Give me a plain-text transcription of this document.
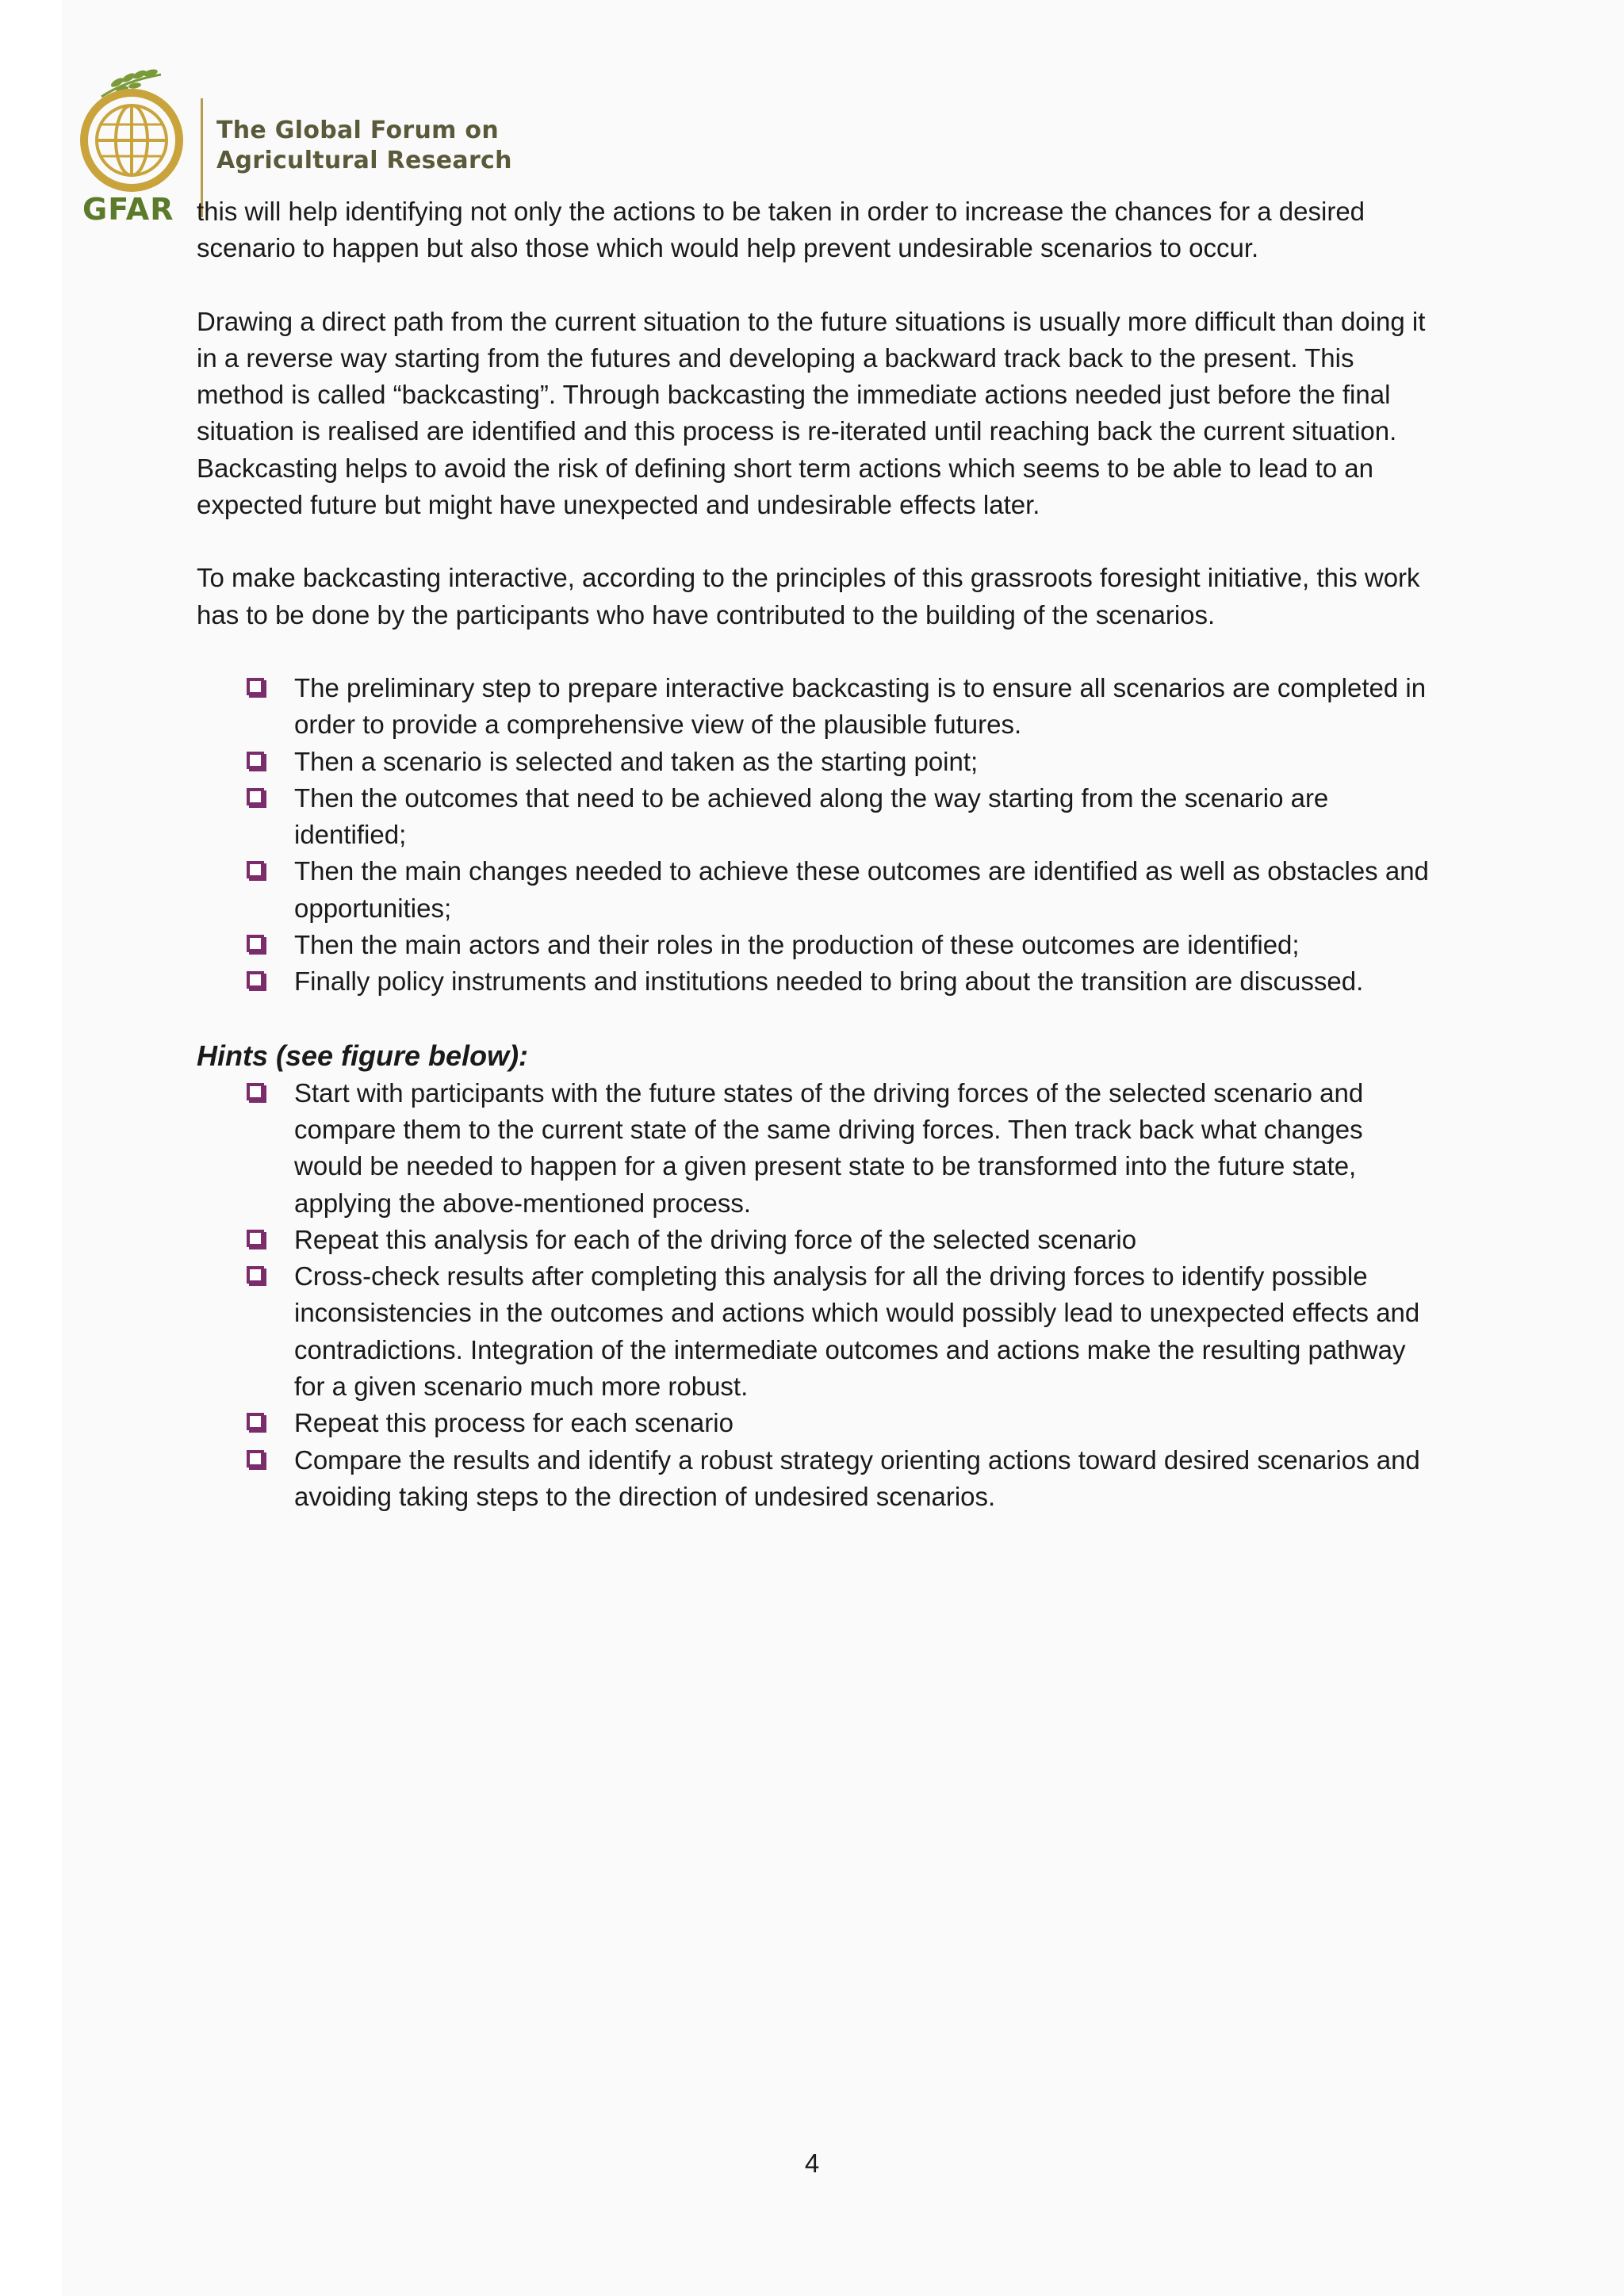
The Global Forum on
Agricultural Research
GFAR this will help identifying not only the actions to be taken in order to increase the chances for a desired scenario to happen but also those which would help prevent undesirable scenarios to occur.

Drawing a direct path from the current situation to the future situations is usually more difficult than doing it in a reverse way starting from the futures and developing a backward track back to the present. This method is called “backcasting”. Through backcasting the immediate actions needed just before the final situation is realised are identified and this process is re-iterated until reaching back the current situation. Backcasting helps to avoid the risk of defining short term actions which seems to be able to lead to an expected future but might have unexpected and undesirable effects later.

To make backcasting interactive, according to the principles of this grassroots foresight initiative, this work has to be done by the participants who have contributed to the building of the scenarios.

The preliminary step to prepare interactive backcasting is to ensure all scenarios are completed in order to provide a comprehensive view of the plausible futures.
Then a scenario is selected and taken as the starting point;
Then the outcomes that need to be achieved along the way starting from the scenario are identified;
Then the main changes needed to achieve these outcomes are identified as well as obstacles and opportunities;
Then the main actors and their roles in the production of these outcomes are identified;
Finally policy instruments and institutions needed to bring about the transition are discussed.
Hints (see figure below):
Start with participants with the future states of the driving forces of the selected scenario and compare them to the current state of the same driving forces. Then track back what changes would be needed to happen for a given present state to be transformed into the future state, applying the above-mentioned process.
Repeat this analysis for each of the driving force of the selected scenario
Cross-check results after completing this analysis for all the driving forces to identify possible inconsistencies in the outcomes and actions which would possibly lead to unexpected effects and contradictions. Integration of the intermediate outcomes and actions make the resulting pathway for a given scenario much more robust.
Repeat this process for each scenario
Compare the results and identify a robust strategy orienting actions toward desired scenarios and avoiding taking steps to the direction of undesired scenarios.
4
